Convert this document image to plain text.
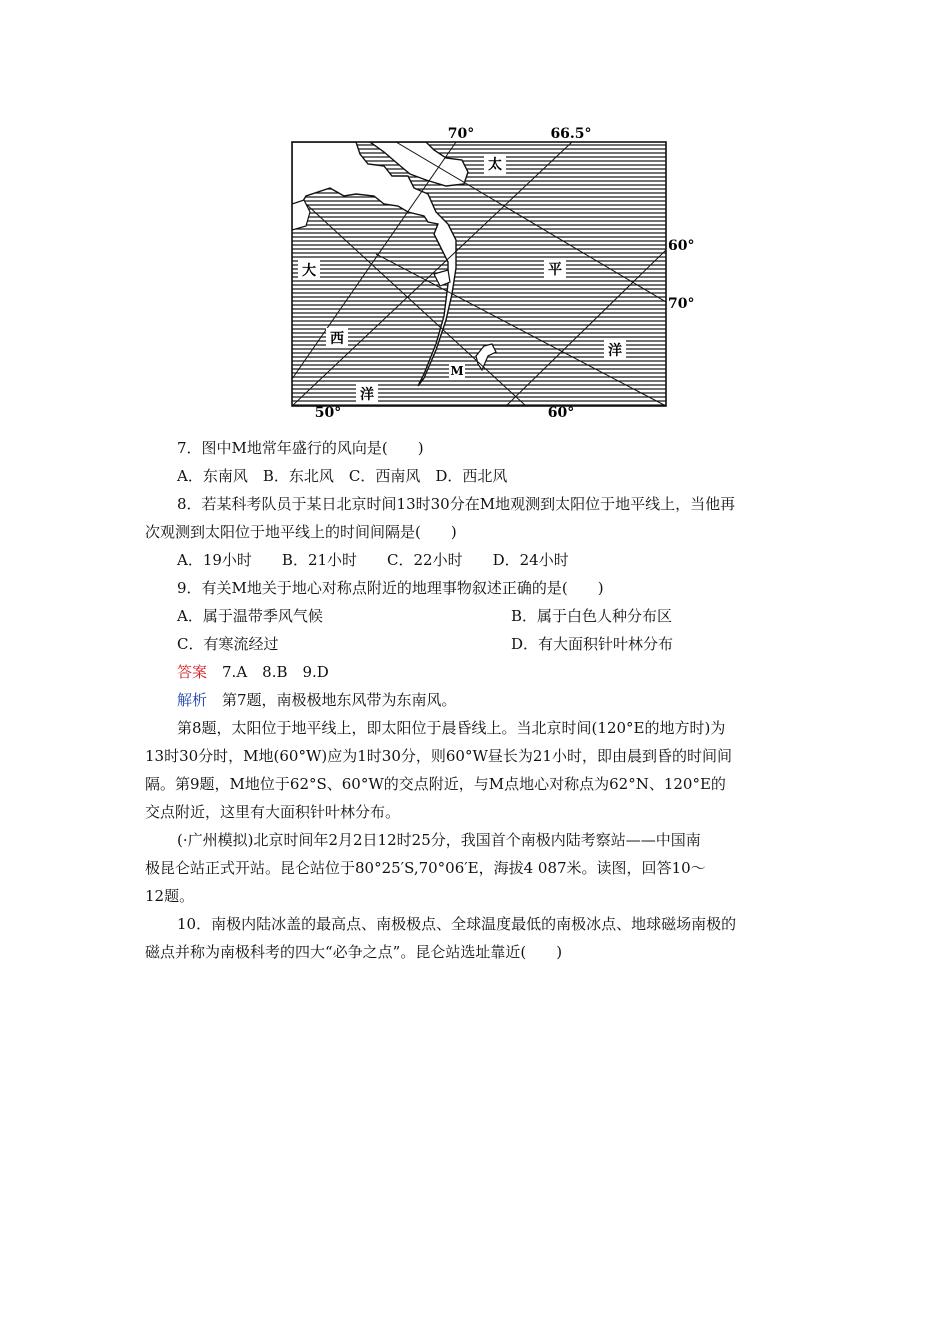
太
平
洋
大
西
洋
M
70°	66.5°
60°
70°
50°	60°
7．图中M地常年盛行的风向是(　　)
A．东南风　B．东北风　C．西南风　D．西北风
8．若某科考队员于某日北京时间13时30分在M地观测到太阳位于地平线上，当他再
次观测到太阳位于地平线上的时间间隔是(　　)
A．19小时　　B．21小时　　C．22小时　　D．24小时
9．有关M地关于地心对称点附近的地理事物叙述正确的是(　　)
A．属于温带季风气候	B．属于白色人种分布区
C．有寒流经过	D．有大面积针叶林分布
答案　7.A　8.B　9.D
解析　第7题，南极极地东风带为东南风。
第8题，太阳位于地平线上，即太阳位于晨昏线上。当北京时间(120°E的地方时)为
13时30分时，M地(60°W)应为1时30分，则60°W昼长为21小时，即由晨到昏的时间间
隔。第9题，M地位于62°S、60°W的交点附近，与M点地心对称点为62°N、120°E的
交点附近，这里有大面积针叶林分布。
(·广州模拟)北京时间年2月2日12时25分，我国首个南极内陆考察站——中国南
极昆仑站正式开站。昆仑站位于80°25′S,70°06′E，海拔4 087米。读图，回答10～
12题。
10．南极内陆冰盖的最高点、南极极点、全球温度最低的南极冰点、地球磁场南极的
磁点并称为南极科考的四大“必争之点”。昆仑站选址靠近(　　)
